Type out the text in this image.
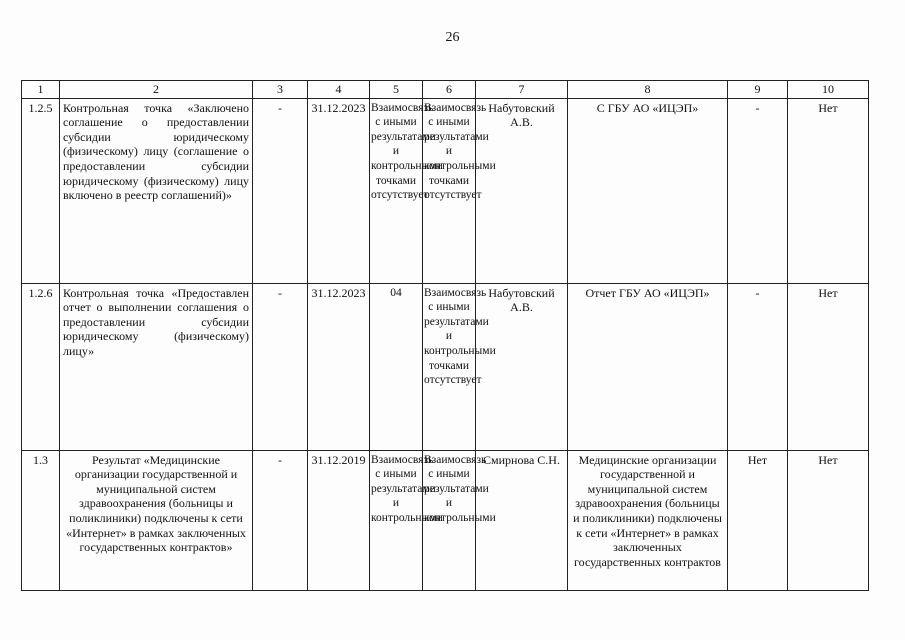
26
1	2	3	4	5	6	7	8	9	10
1.2.5	Контрольная точка «Заключено соглашение о предоставлении субсидии юридическому (физическому) лицу (соглашение о предоставлении субсидии юридическому (физическому) лицу включено в реестр соглашений)»	-	31.12.2023	Взаимосвязь с иными результатами и контрольными точками отсутствует	Взаимосвязь с иными результатами и контрольными точками отсутствует	Набутовский А.В.	С ГБУ АО «ИЦЭП»	-	Нет
1.2.6	Контрольная точка «Предоставлен отчет о выполнении соглашения о предоставлении субсидии юридическому (физическому) лицу»	-	31.12.2023	04	Взаимосвязь с иными результатами и контрольными точками отсутствует	Набутовский А.В.	Отчет ГБУ АО «ИЦЭП»	-	Нет
1.3	Результат «Медицинские организации государственной и муниципальной систем здравоохранения (больницы и поликлиники) подключены к сети «Интернет» в рамках заключенных государственных контрактов»	-	31.12.2019	Взаимосвязь с иными результатами и контрольными	Взаимосвязь с иными результатами и контрольными	Смирнова С.Н.	Медицинские организации государственной и муниципальной систем здравоохранения (больницы и поликлиники) подключены к сети «Интернет» в рамках заключенных государственных контрактов	Нет	Нет
